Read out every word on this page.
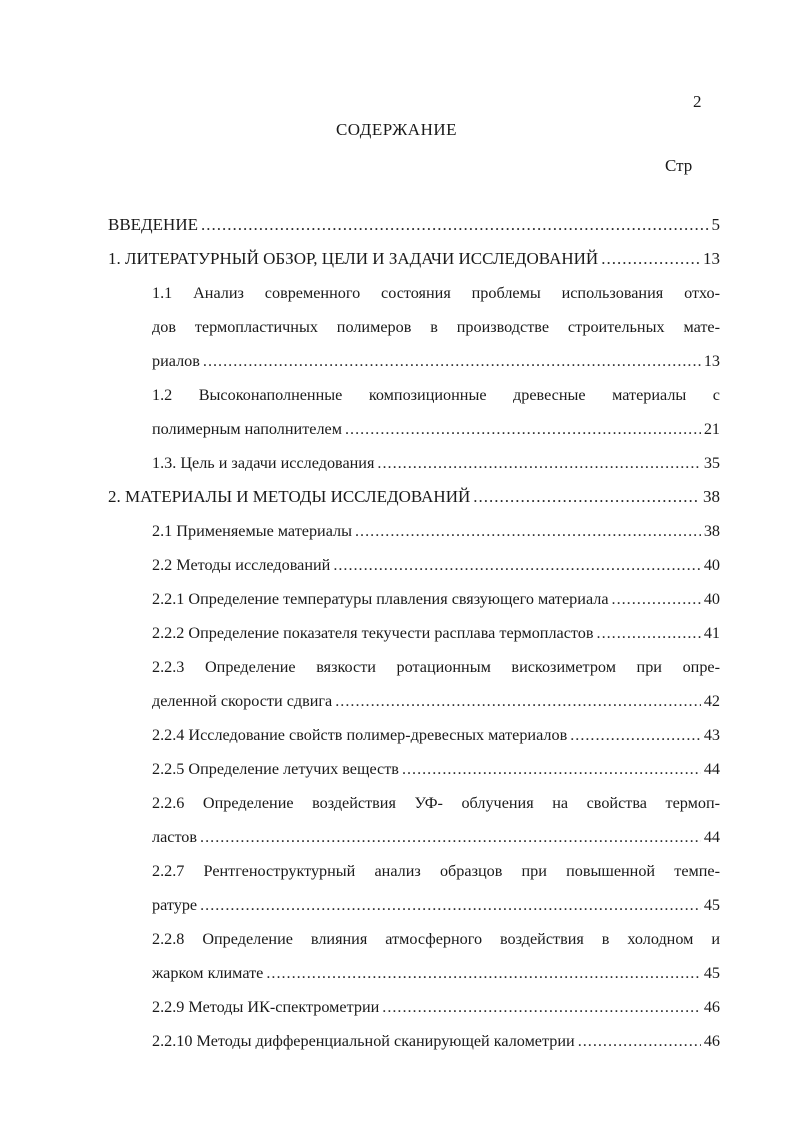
2
СОДЕРЖАНИЕ
Стр
ВВЕДЕНИЕ .....	5
1. ЛИТЕРАТУРНЫЙ ОБЗОР, ЦЕЛИ И ЗАДАЧИ ИССЛЕДОВАНИЙ .....	13
1.1 Анализ современного состояния проблемы использования отхо-
дов термопластичных полимеров в производстве строительных мате-
риалов .....	13
1.2 Высоконаполненные композиционные древесные материалы с
полимерным наполнителем .....	21
1.3. Цель и задачи исследования .....	35
2. МАТЕРИАЛЫ И МЕТОДЫ ИССЛЕДОВАНИЙ .....	38
2.1 Применяемые материалы .....	38
2.2 Методы исследований .....	40
2.2.1 Определение температуры плавления связующего материала .....	40
2.2.2 Определение показателя текучести расплава термопластов .....	41
2.2.3 Определение вязкости ротационным вискозиметром при опре-
деленной скорости сдвига .....	42
2.2.4 Исследование свойств полимер-древесных материалов .....	43
2.2.5 Определение летучих веществ .....	44
2.2.6 Определение воздействия УФ- облучения на свойства термоп-
ластов .....	44
2.2.7 Рентгеноструктурный анализ образцов при повышенной темпе-
ратуре .....	45
2.2.8 Определение влияния атмосферного воздействия в холодном и
жарком климате .....	45
2.2.9 Методы ИК-спектрометрии .....	46
2.2.10 Методы дифференциальной сканирующей калометрии .....	46
